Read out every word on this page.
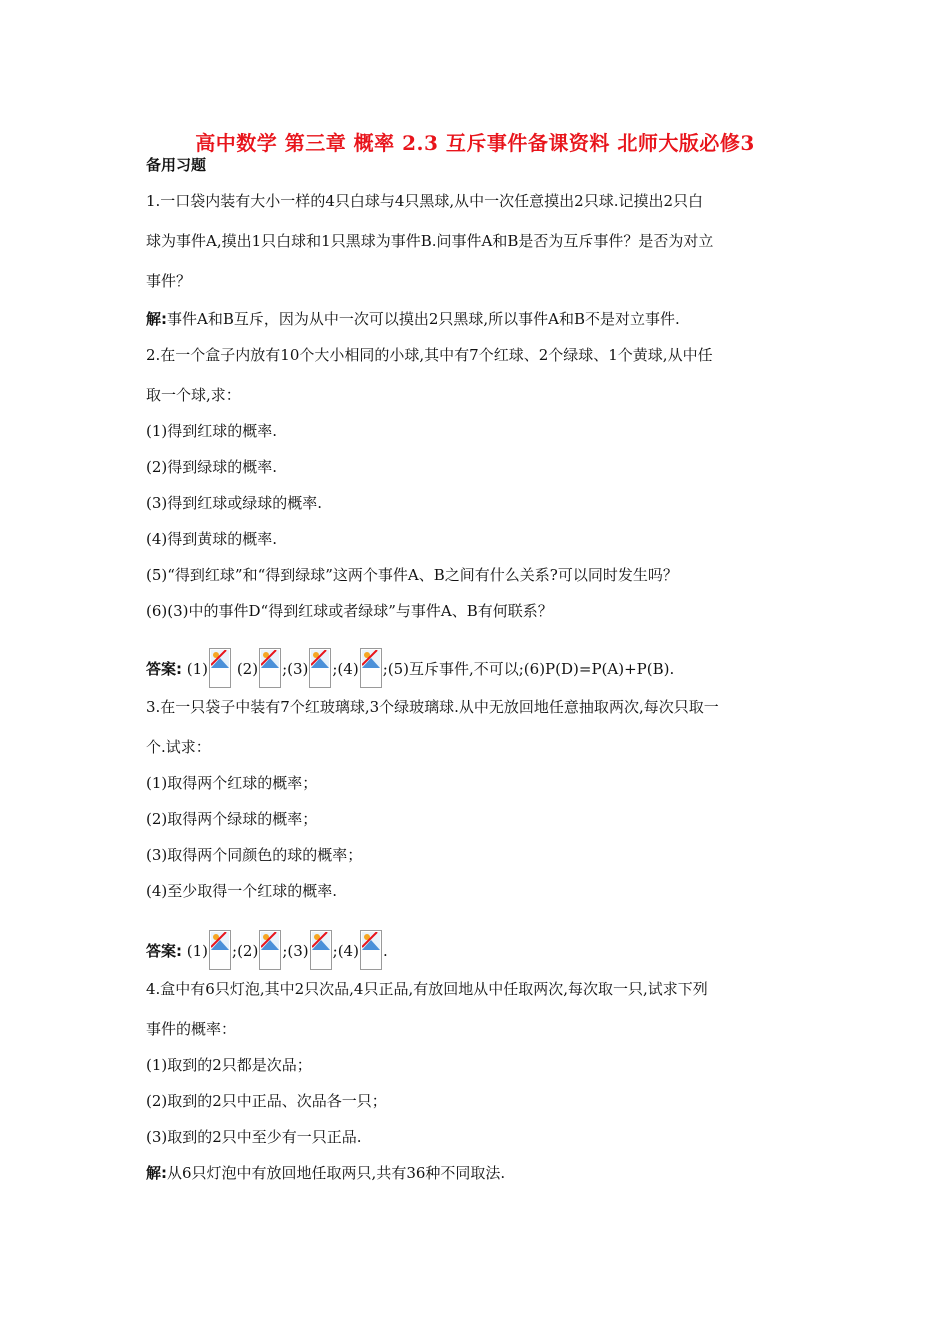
高中数学 第三章 概率 2.3 互斥事件备课资料 北师大版必修3
备用习题
1.一口袋内装有大小一样的4只白球与4只黑球,从中一次任意摸出2只球.记摸出2只白
球为事件A,摸出1只白球和1只黑球为事件B.问事件A和B是否为互斥事件？是否为对立
事件？
解:事件A和B互斥，因为从中一次可以摸出2只黑球,所以事件A和B不是对立事件.
2.在一个盒子内放有10个大小相同的小球,其中有7个红球、2个绿球、1个黄球,从中任
取一个球,求：
(1)得到红球的概率.
(2)得到绿球的概率.
(3)得到红球或绿球的概率.
(4)得到黄球的概率.
(5)“得到红球”和“得到绿球”这两个事件A、B之间有什么关系?可以同时发生吗？
(6)(3)中的事件D“得到红球或者绿球”与事件A、B有何联系？
答案: (1) (2) ;(3) ;(4) ;(5)互斥事件,不可以;(6)P(D)=P(A)+P(B).
3.在一只袋子中装有7个红玻璃球,3个绿玻璃球.从中无放回地任意抽取两次,每次只取一
个.试求：
(1)取得两个红球的概率；
(2)取得两个绿球的概率；
(3)取得两个同颜色的球的概率；
(4)至少取得一个红球的概率.
答案: (1) ;(2) ;(3) ;(4) .
4.盒中有6只灯泡,其中2只次品,4只正品,有放回地从中任取两次,每次取一只,试求下列
事件的概率：
(1)取到的2只都是次品；
(2)取到的2只中正品、次品各一只；
(3)取到的2只中至少有一只正品.
解:从6只灯泡中有放回地任取两只,共有36种不同取法.
